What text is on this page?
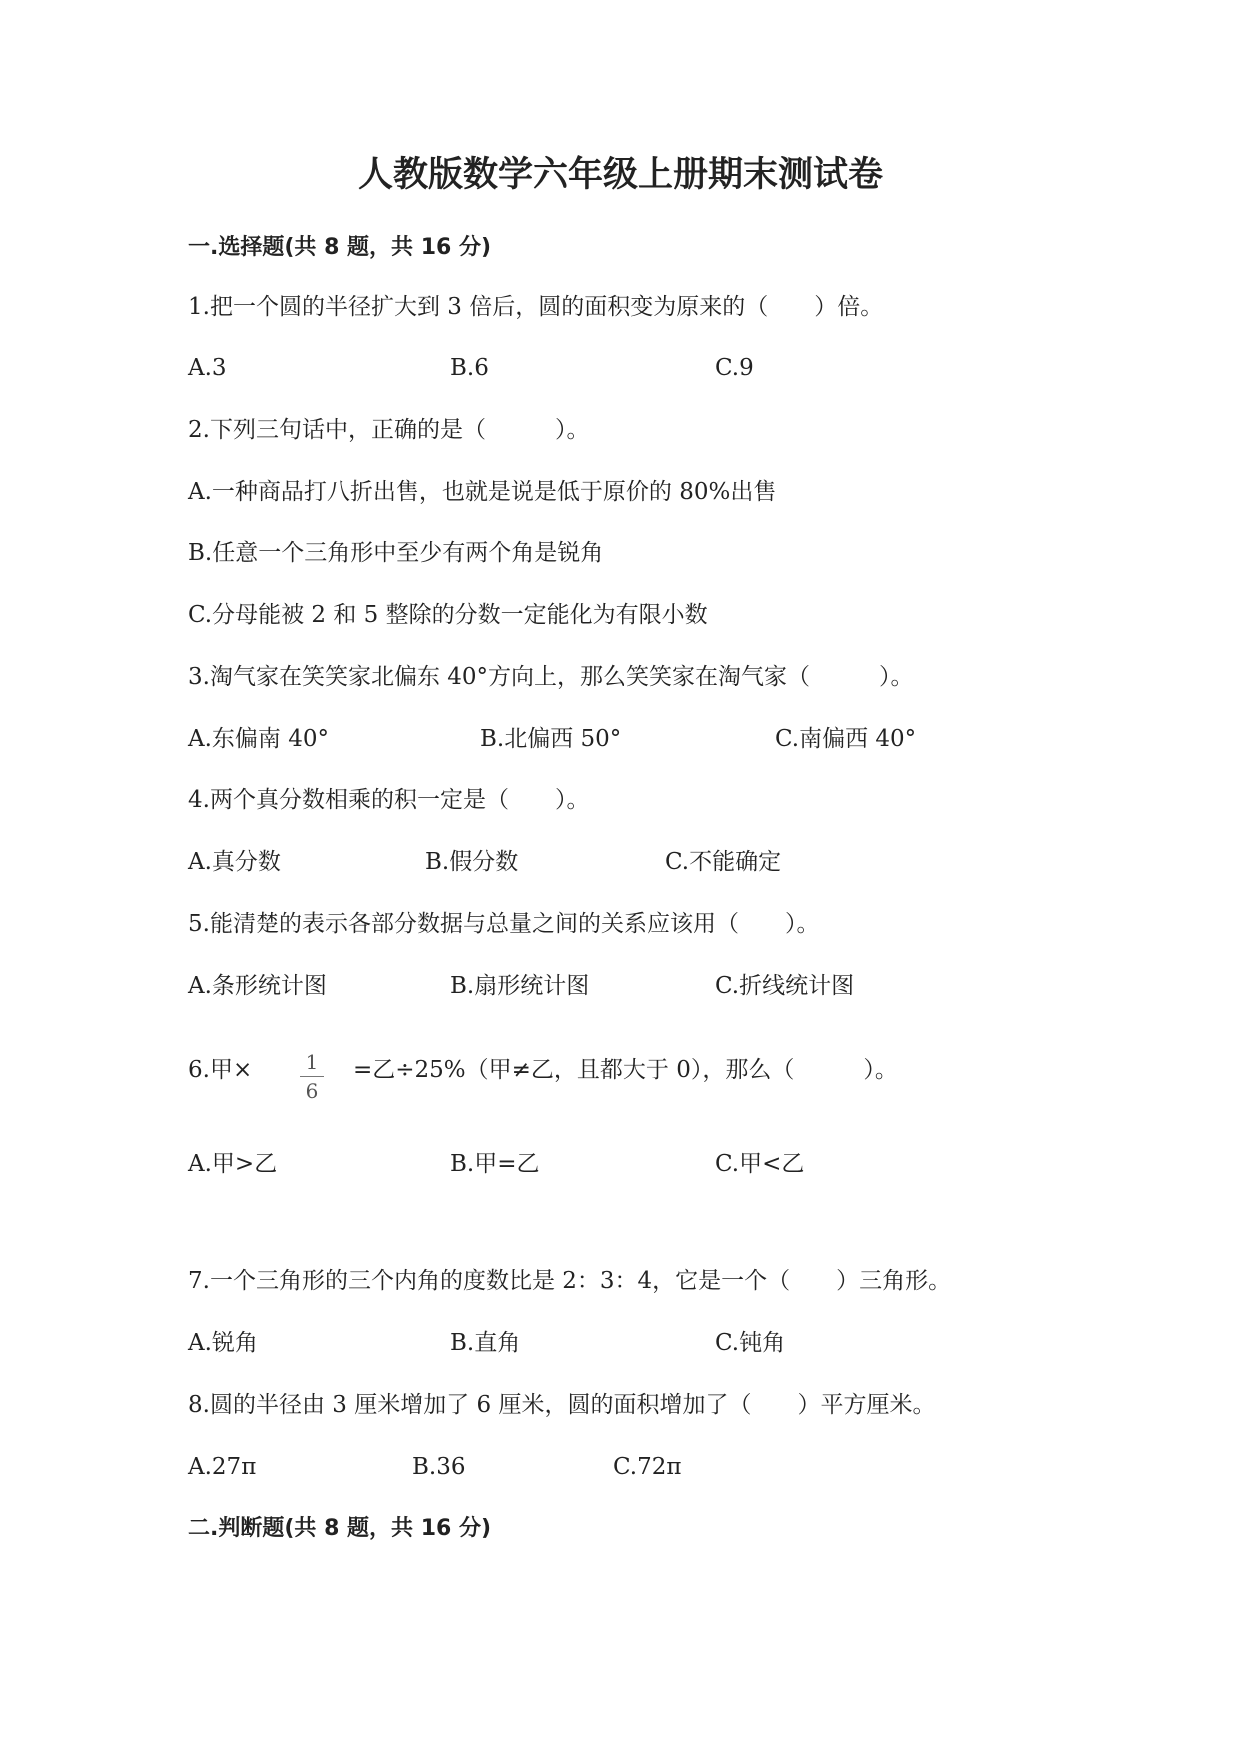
人教版数学六年级上册期末测试卷
一.选择题(共 8 题，共 16 分)
1.把一个圆的半径扩大到 3 倍后，圆的面积变为原来的（　　）倍。
A.3	B.6	C.9
2.下列三句话中，正确的是（　　　）。
A.一种商品打八折出售，也就是说是低于原价的 80%出售
B.任意一个三角形中至少有两个角是锐角
C.分母能被 2 和 5 整除的分数一定能化为有限小数
3.淘气家在笑笑家北偏东 40°方向上，那么笑笑家在淘气家（　　　）。
A.东偏南 40°	B.北偏西 50°	C.南偏西 40°
4.两个真分数相乘的积一定是（　　）。
A.真分数	B.假分数	C.不能确定
5.能清楚的表示各部分数据与总量之间的关系应该用（　　）。
A.条形统计图	B.扇形统计图	C.折线统计图
6.甲×	1
6
=乙÷25%（甲≠乙，且都大于 0），那么（　　　）。
A.甲>乙	B.甲=乙	C.甲<乙
7.一个三角形的三个内角的度数比是 2：3：4，它是一个（　　）三角形。
A.锐角	B.直角	C.钝角
8.圆的半径由 3 厘米增加了 6 厘米，圆的面积增加了（　　）平方厘米。
A.27π	B.36	C.72π
二.判断题(共 8 题，共 16 分)
